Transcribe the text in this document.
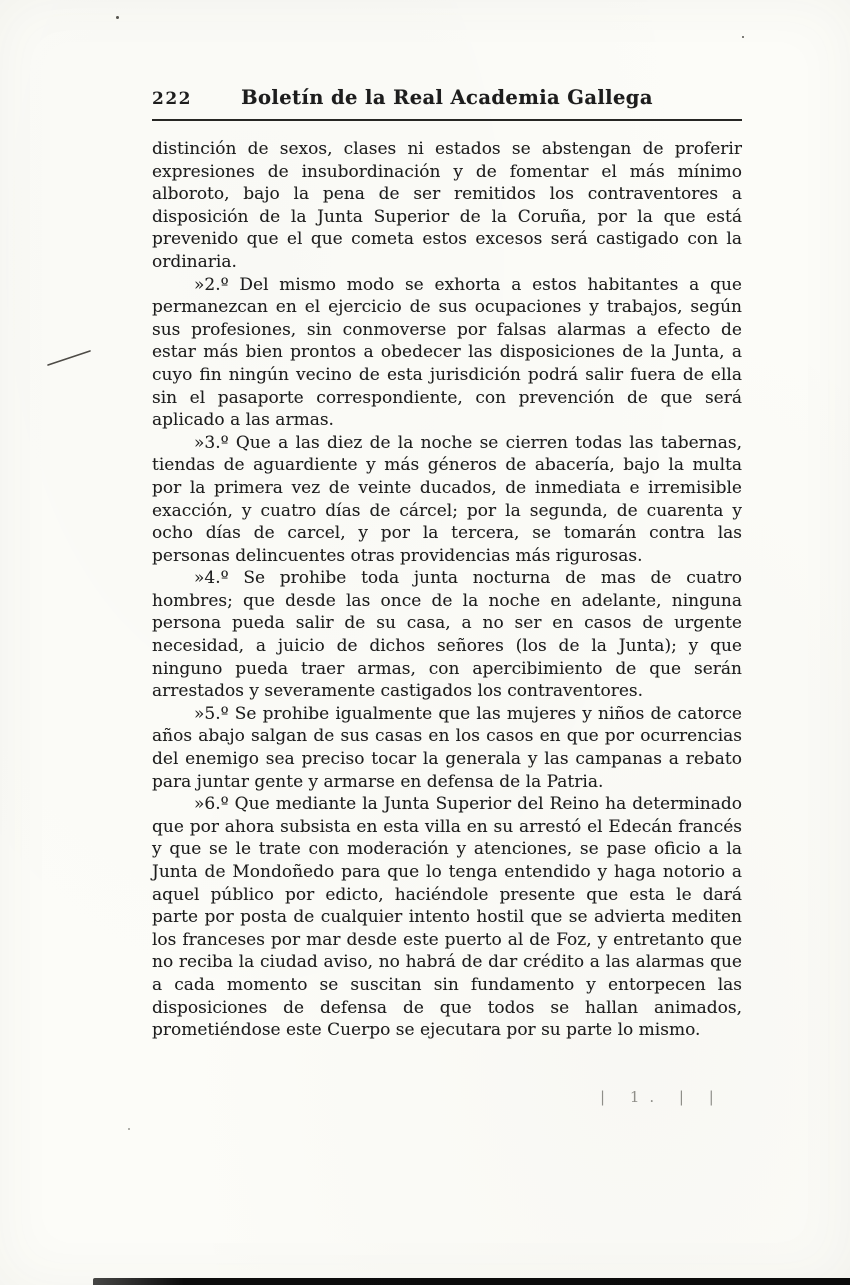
222	Boletín de la Real Academia Gallega

distinción de sexos, clases ni estados se abstengan de proferir expresiones de insubordinación y de fomentar el más mínimo alboroto, bajo la pena de ser remitidos los contraventores a disposición de la Junta Superior de la Coruña, por la que está prevenido que el que cometa estos excesos será castigado con la ordinaria.

»2.º Del mismo modo se exhorta a estos habitantes a que permanezcan en el ejercicio de sus ocupaciones y trabajos, según sus profesiones, sin conmoverse por falsas alarmas a efecto de estar más bien prontos a obedecer las disposiciones de la Junta, a cuyo fin ningún vecino de esta jurisdición podrá salir fuera de ella sin el pasaporte correspondiente, con prevención de que será aplicado a las armas.

»3.º Que a las diez de la noche se cierren todas las tabernas, tiendas de aguardiente y más géneros de abacería, bajo la multa por la primera vez de veinte ducados, de inmediata e irremisible exacción, y cuatro días de cárcel; por la segunda, de cuarenta y ocho días de carcel, y por la tercera, se tomarán contra las personas delincuentes otras providencias más rigurosas.

»4.º Se prohibe toda junta nocturna de mas de cuatro hombres; que desde las once de la noche en adelante, ninguna persona pueda salir de su casa, a no ser en casos de urgente necesidad, a juicio de dichos señores (los de la Junta); y que ninguno pueda traer armas, con apercibimiento de que serán arrestados y severamente castigados los contraventores.

»5.º Se prohibe igualmente que las mujeres y niños de catorce años abajo salgan de sus casas en los casos en que por ocurrencias del enemigo sea preciso tocar la generala y las campanas a rebato para juntar gente y armarse en defensa de la Patria.

»6.º Que mediante la Junta Superior del Reino ha determinado que por ahora subsista en esta villa en su arrestó el Edecán francés y que se le trate con moderación y atenciones, se pase oficio a la Junta de Mondoñedo para que lo tenga entendido y haga notorio a aquel público por edicto, haciéndole presente que esta le dará parte por posta de cualquier intento hostil que se advierta mediten los franceses por mar desde este puerto al de Foz, y entretanto que no reciba la ciudad aviso, no habrá de dar crédito a las alarmas que a cada momento se suscitan sin fundamento y entorpecen las disposiciones de defensa de que todos se hallan animados, prometiéndose este Cuerpo se ejecutara por su parte lo mismo.

| 1. | |
